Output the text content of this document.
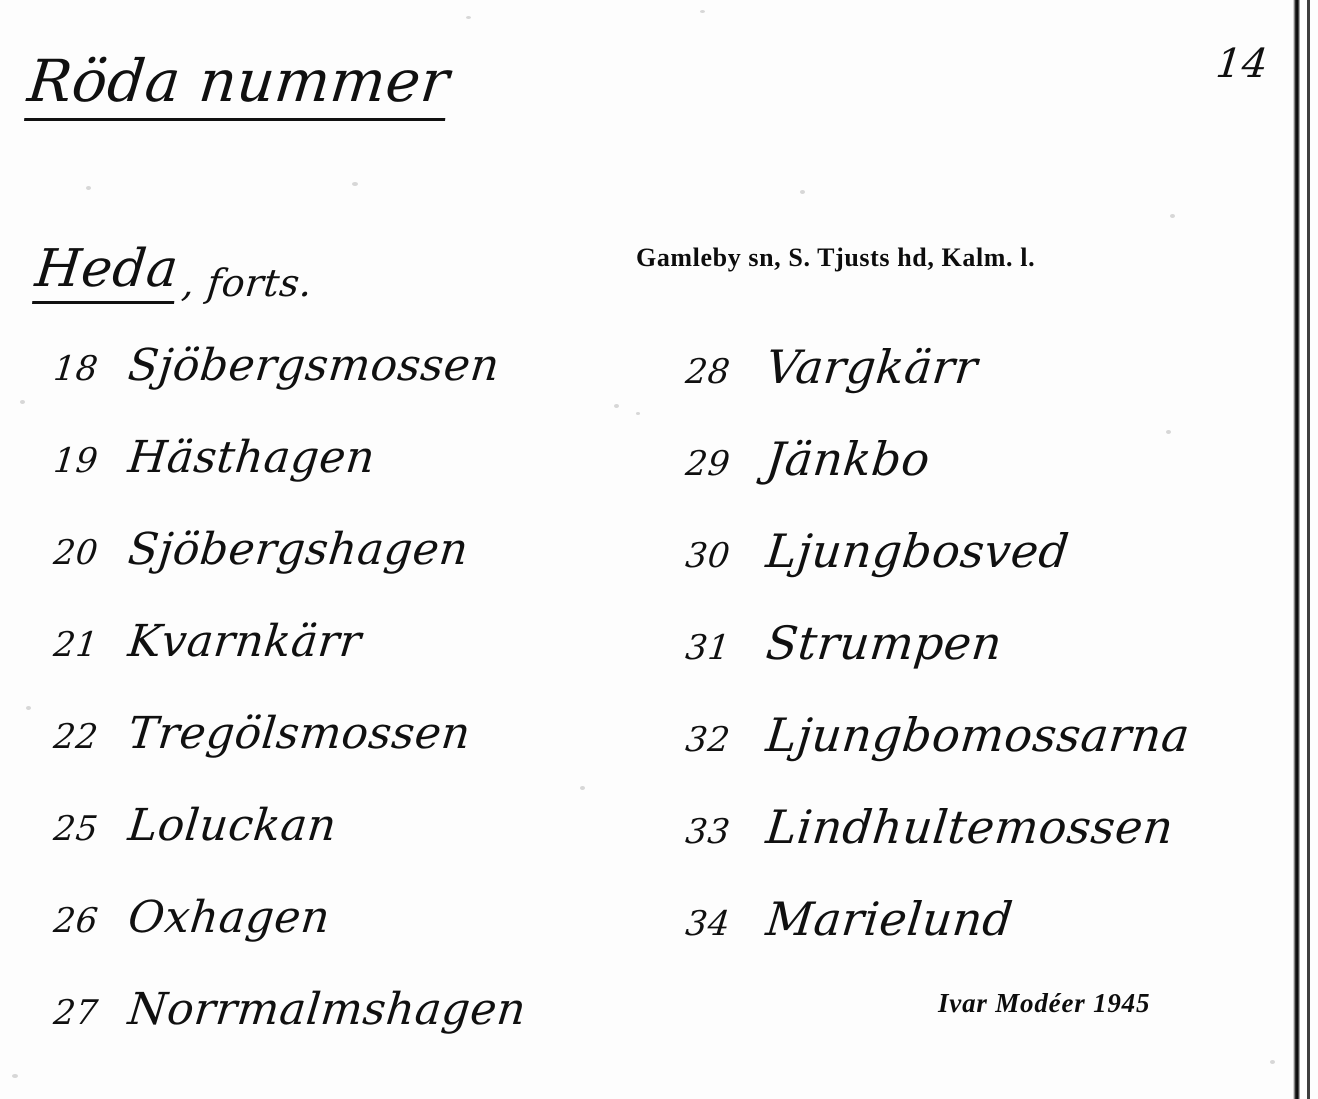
14
Röda nummer
Gamleby sn, S. Tjusts hd, Kalm. l.
Heda , forts.
18 Sjöbergsmossen
19 Hästhagen
20 Sjöbergshagen
21 Kvarnkärr
22 Tregölsmossen
25 Loluckan
26 Oxhagen
27 Norrmalmshagen
28 Vargkärr
29 Jänkbo
30 Ljungbosved
31 Strumpen
32 Ljungbomossarna
33 Lindhultemossen
34 Marielund
Ivar Modéer 1945
